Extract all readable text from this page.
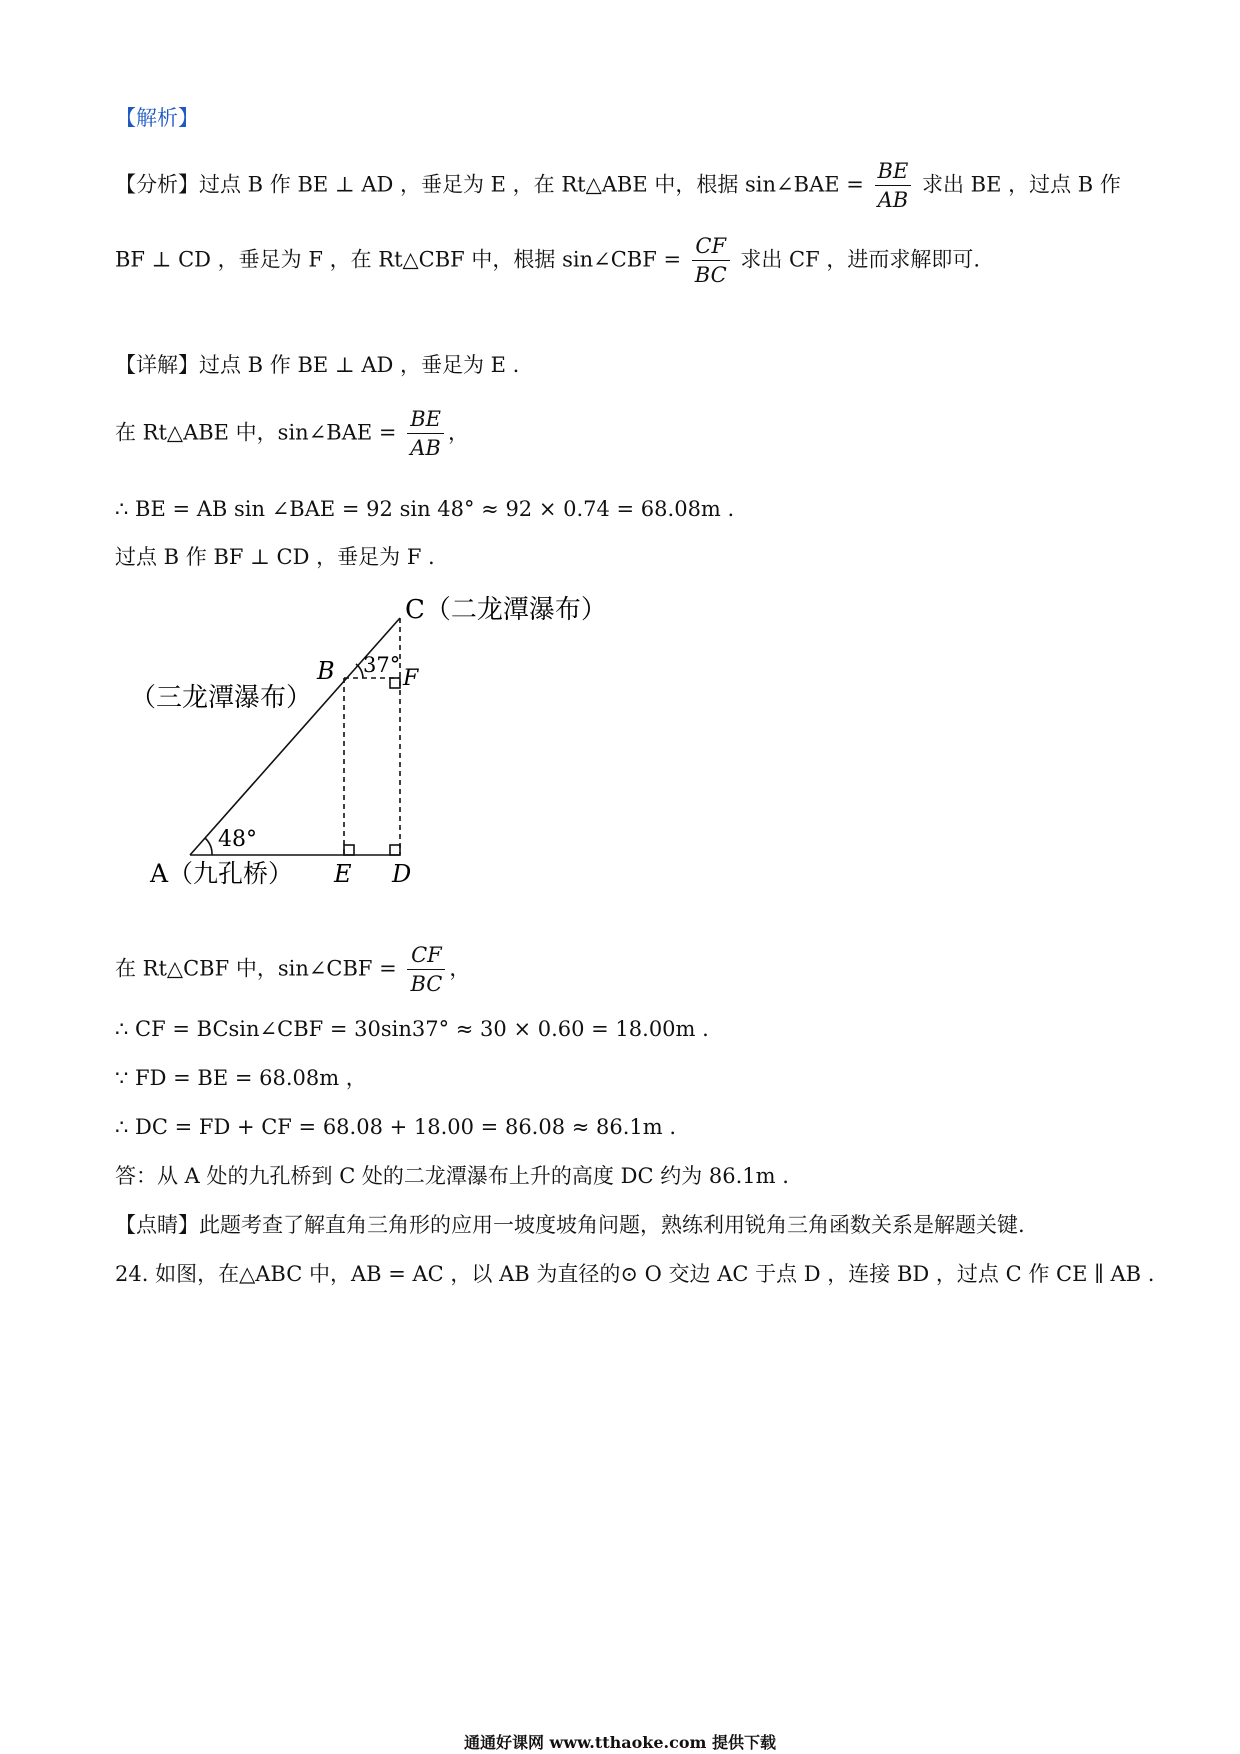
【解析】
【分析】过点 B 作 BE ⊥ AD ，垂足为 E ，在 Rt△ABE 中，根据 sin∠BAE = $\frac{BE}{AB}$ 求出 BE ，过点 B 作
BF ⊥ CD ，垂足为 F ，在 Rt△CBF 中，根据 sin∠CBF = $\frac{CF}{BC}$ 求出 CF ，进而求解即可.
【详解】过点 B 作 BE ⊥ AD ，垂足为 E .
在 Rt△ABE 中，sin∠BAE = $\frac{BE}{AB}$ ，
∴ BE = AB sin ∠BAE = 92 sin 48° ≈ 92 × 0.74 = 68.08m .
过点 B 作 BF ⊥ CD ，垂足为 F .
C（二龙潭瀑布）
B
（三龙潭瀑布）
F
37°
48°
A（九孔桥） E D
在 Rt△CBF 中，sin∠CBF = $\frac{CF}{BC}$ ，
∴ CF = BCsin∠CBF = 30sin37° ≈ 30 × 0.60 = 18.00m .
∵ FD = BE = 68.08m ，
∴ DC = FD + CF = 68.08 + 18.00 = 86.08 ≈ 86.1m .
答：从 A 处的九孔桥到 C 处的二龙潭瀑布上升的高度 DC 约为 86.1m .
【点睛】此题考查了解直角三角形的应用一坡度坡角问题，熟练利用锐角三角函数关系是解题关键.
24. 如图，在△ABC 中，AB = AC ，以 AB 为直径的⊙ O 交边 AC 于点 D ，连接 BD ，过点 C 作 CE ∥ AB .
通通好课网 www.tthaoke.com 提供下载
